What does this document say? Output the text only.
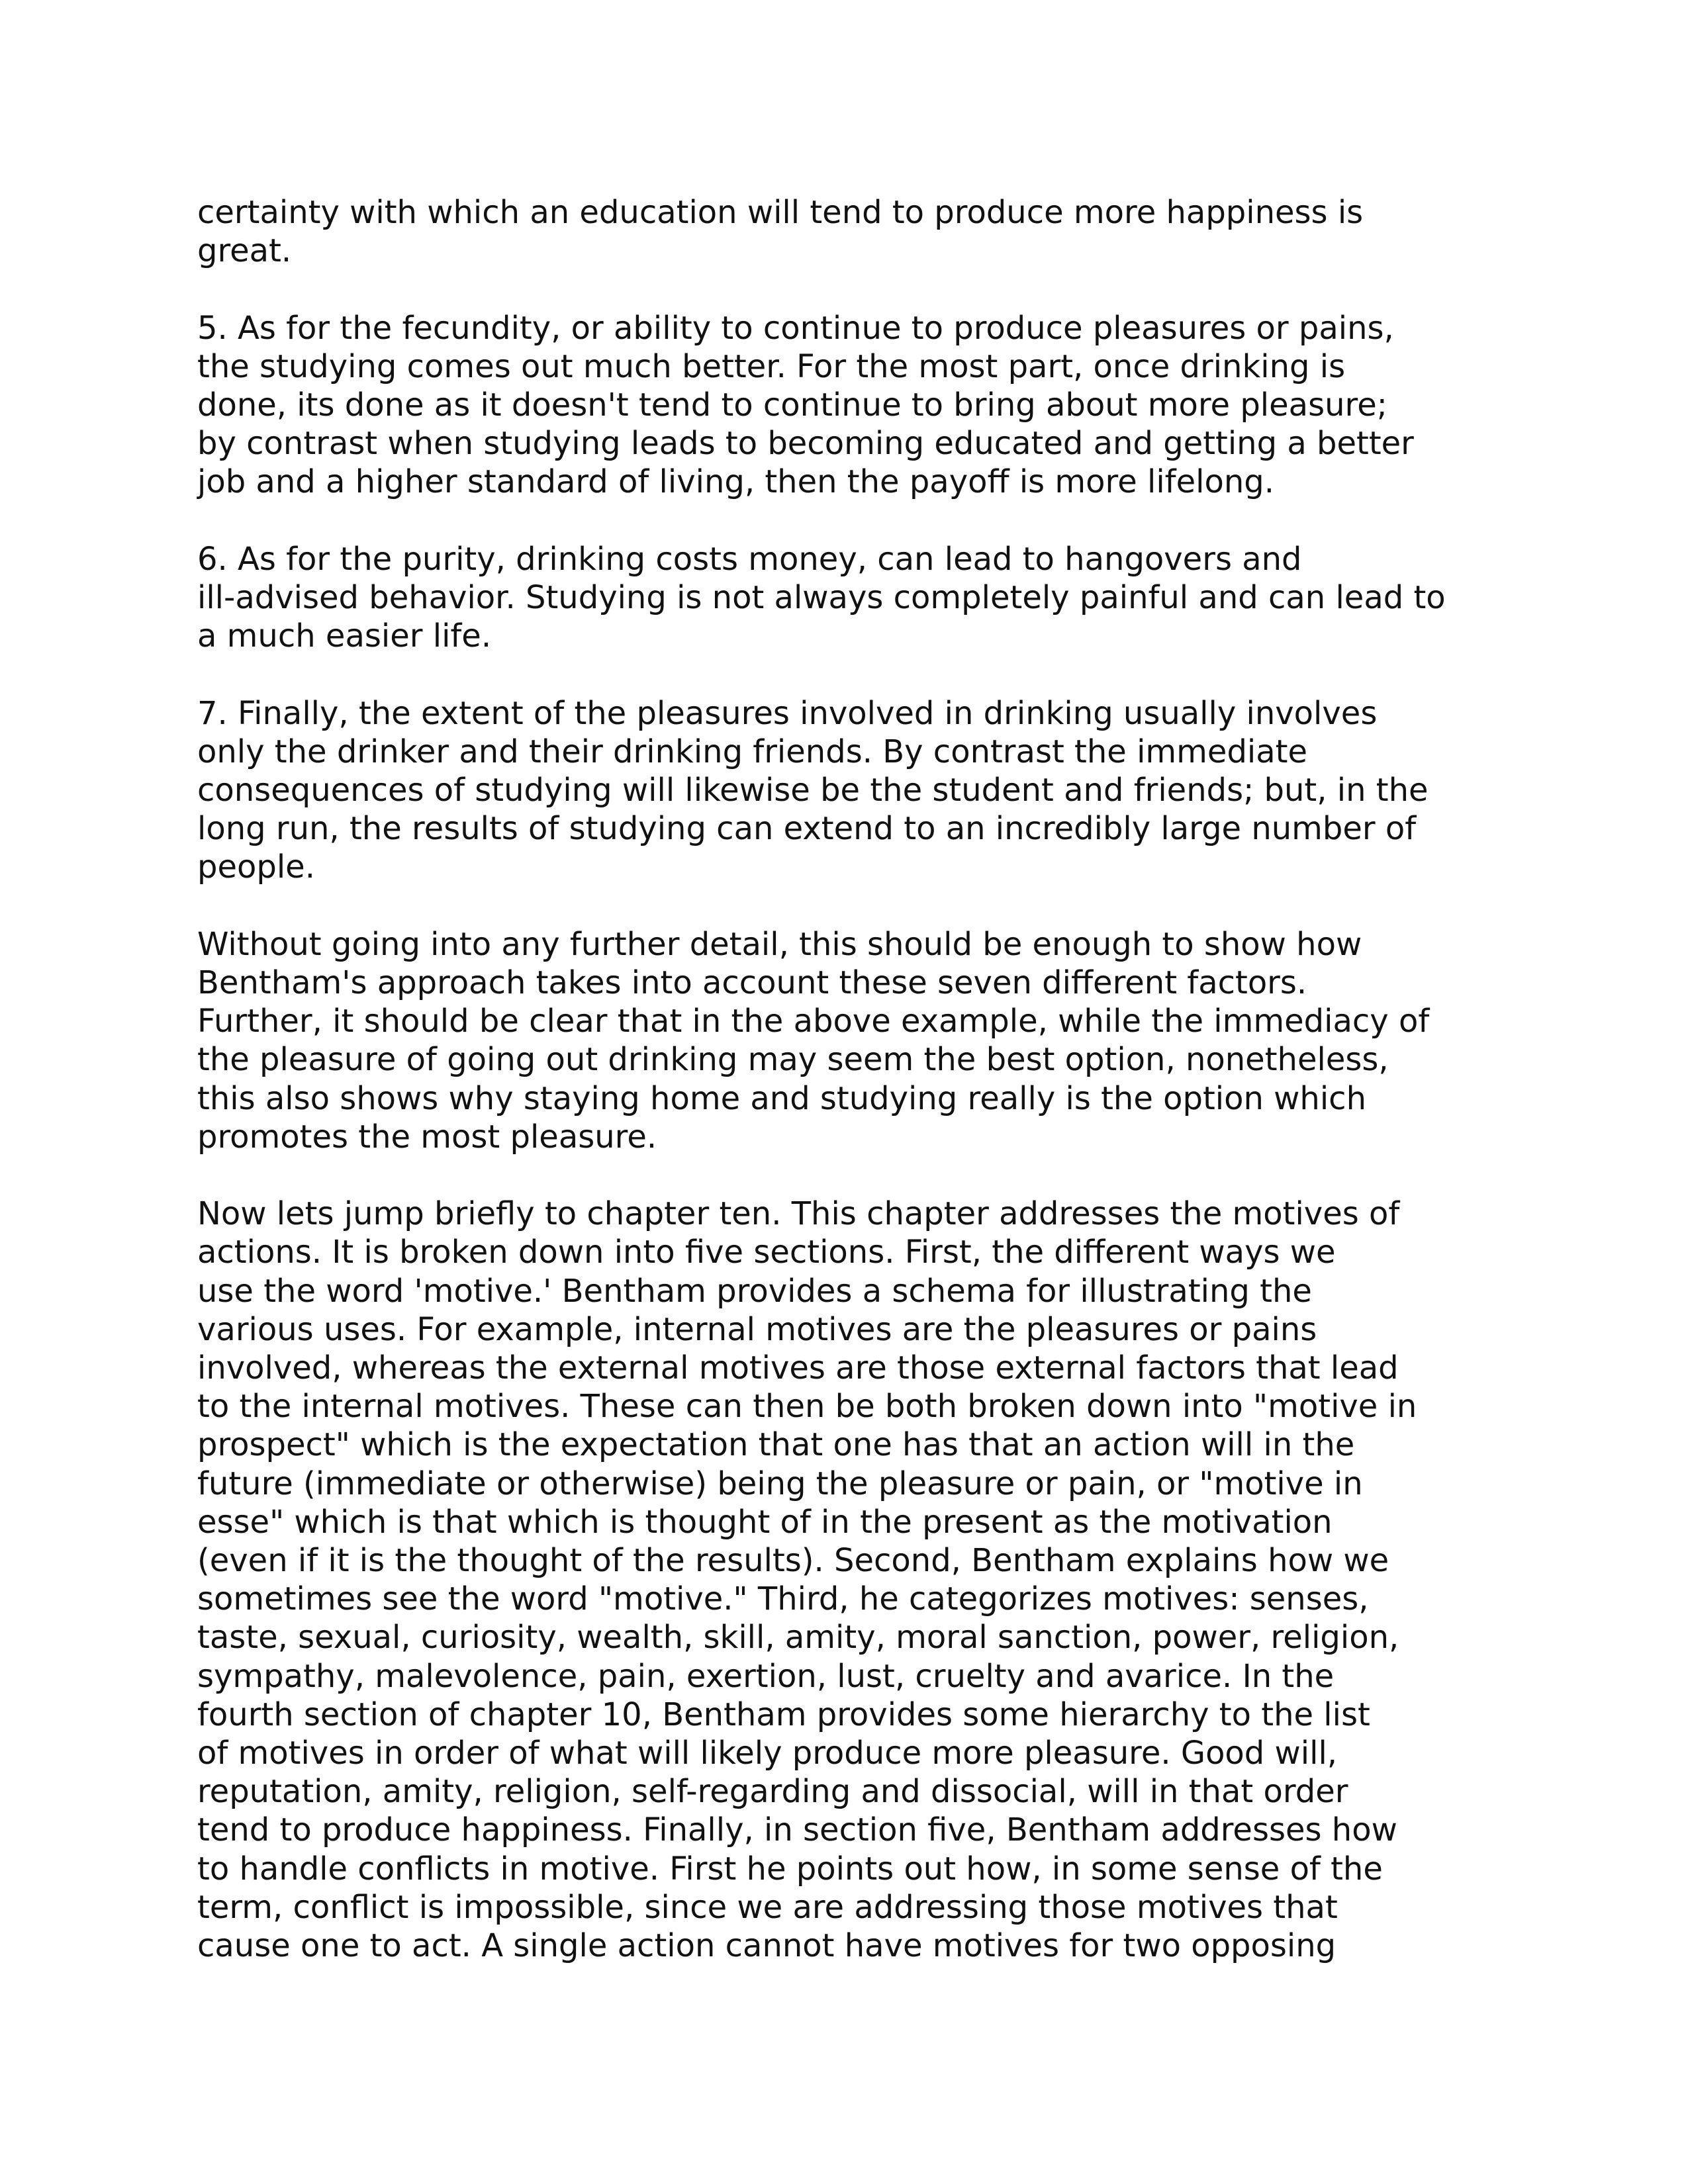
certainty with which an education will tend to produce more happiness is
great.

5. As for the fecundity, or ability to continue to produce pleasures or pains,
the studying comes out much better. For the most part, once drinking is
done, its done as it doesn't tend to continue to bring about more pleasure;
by contrast when studying leads to becoming educated and getting a better
job and a higher standard of living, then the payoff is more lifelong.

6. As for the purity, drinking costs money, can lead to hangovers and
ill-advised behavior. Studying is not always completely painful and can lead to
a much easier life.

7. Finally, the extent of the pleasures involved in drinking usually involves
only the drinker and their drinking friends. By contrast the immediate
consequences of studying will likewise be the student and friends; but, in the
long run, the results of studying can extend to an incredibly large number of
people.

Without going into any further detail, this should be enough to show how
Bentham's approach takes into account these seven different factors.
Further, it should be clear that in the above example, while the immediacy of
the pleasure of going out drinking may seem the best option, nonetheless,
this also shows why staying home and studying really is the option which
promotes the most pleasure.

Now lets jump briefly to chapter ten. This chapter addresses the motives of
actions. It is broken down into five sections. First, the different ways we
use the word 'motive.' Bentham provides a schema for illustrating the
various uses. For example, internal motives are the pleasures or pains
involved, whereas the external motives are those external factors that lead
to the internal motives. These can then be both broken down into "motive in
prospect" which is the expectation that one has that an action will in the
future (immediate or otherwise) being the pleasure or pain, or "motive in
esse" which is that which is thought of in the present as the motivation
(even if it is the thought of the results). Second, Bentham explains how we
sometimes see the word "motive." Third, he categorizes motives: senses,
taste, sexual, curiosity, wealth, skill, amity, moral sanction, power, religion,
sympathy, malevolence, pain, exertion, lust, cruelty and avarice. In the
fourth section of chapter 10, Bentham provides some hierarchy to the list
of motives in order of what will likely produce more pleasure. Good will,
reputation, amity, religion, self-regarding and dissocial, will in that order
tend to produce happiness. Finally, in section five, Bentham addresses how
to handle conflicts in motive. First he points out how, in some sense of the
term, conflict is impossible, since we are addressing those motives that
cause one to act. A single action cannot have motives for two opposing
